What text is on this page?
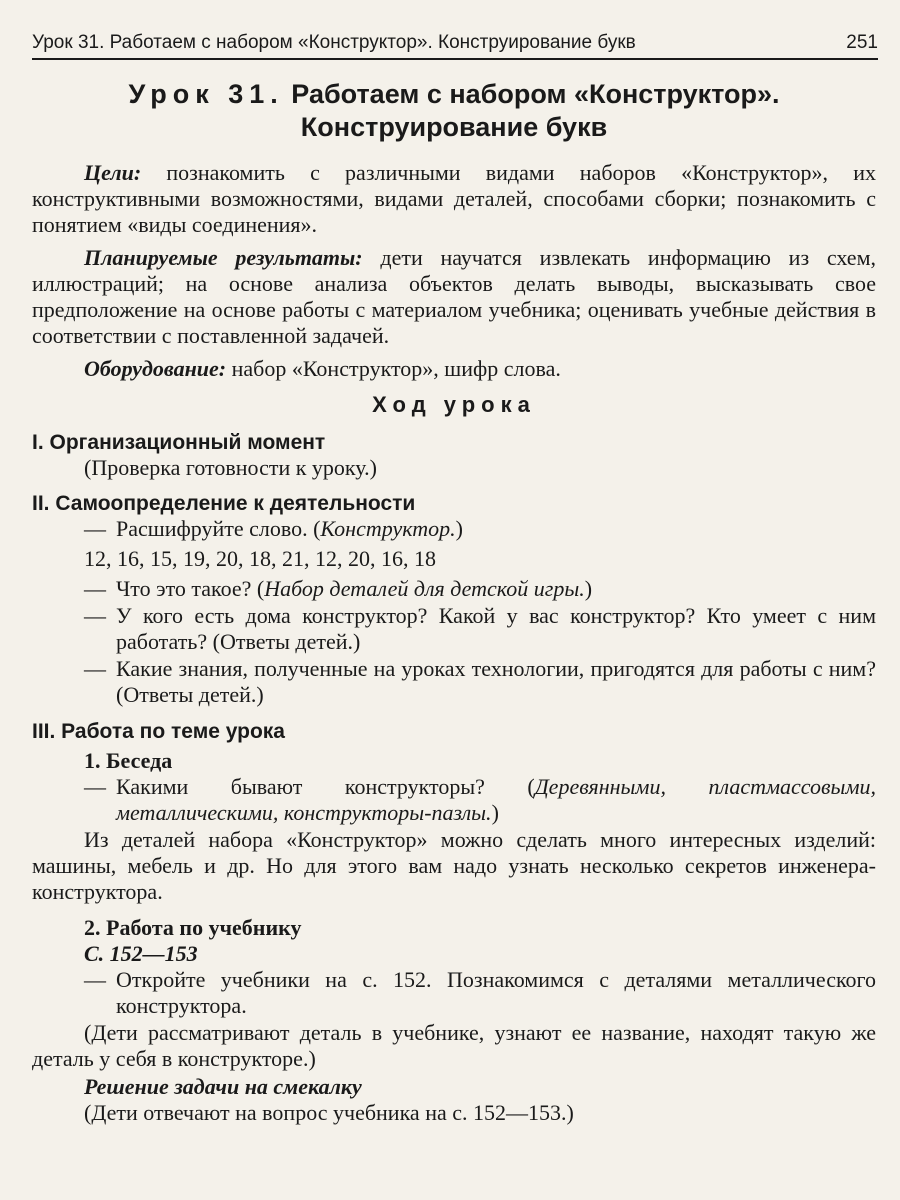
Урок 31. Работаем с набором «Конструктор». Конструирование букв	251
Урок 31. Работаем с набором «Конструктор».
Конструирование букв

Цели: познакомить с различными видами наборов «Конструктор», их конструктивными возможностями, видами деталей, способами сборки; познакомить с понятием «виды соединения».

Планируемые результаты: дети научатся извлекать информацию из схем, иллюстраций; на основе анализа объектов делать выводы, высказывать свое предположение на основе работы с материалом учебника; оценивать учебные действия в соответствии с поставленной задачей.

Оборудование: набор «Конструктор», шифр слова.

Ход урока
I. Организационный момент

(Проверка готовности к уроку.)

II. Самоопределение к деятельности
— Расшифруйте слово. (Конструктор.)

12, 16, 15, 19, 20, 18, 21, 12, 20, 16, 18

— Что это такое? (Набор деталей для детской игры.)
— У кого есть дома конструктор? Какой у вас конструктор? Кто умеет с ним работать? (Ответы детей.)
— Какие знания, полученные на уроках технологии, пригодятся для работы с ним? (Ответы детей.)
III. Работа по теме урока
1. Беседа
— Какими бывают конструкторы? (Деревянными, пластмассовыми, металлическими, конструкторы-пазлы.)

Из деталей набора «Конструктор» можно сделать много интересных изделий: машины, мебель и др. Но для этого вам надо узнать несколько секретов инженера-конструктора.

2. Работа по учебнику
С. 152—153
— Откройте учебники на с. 152. Познакомимся с деталями металлического конструктора.

(Дети рассматривают деталь в учебнике, узнают ее название, находят такую же деталь у себя в конструкторе.)

Решение задачи на смекалку

(Дети отвечают на вопрос учебника на с. 152—153.)
